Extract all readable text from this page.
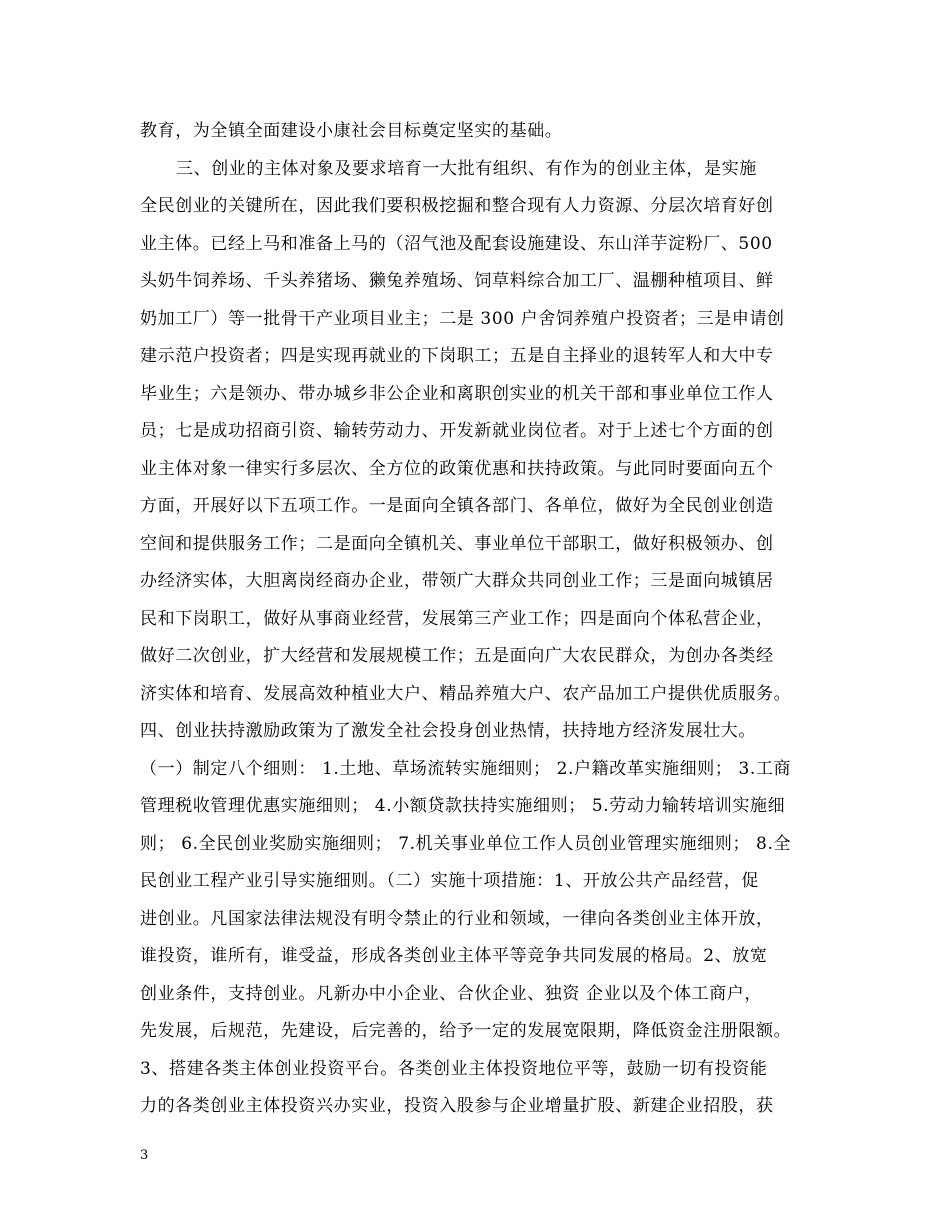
教育，为全镇全面建设小康社会目标奠定坚实的基础。
三、创业的主体对象及要求培育一大批有组织、有作为的创业主体，是实施
全民创业的关键所在，因此我们要积极挖掘和整合现有人力资源、分层次培育好创
业主体。已经上马和准备上马的（沼气池及配套设施建设、东山洋芋淀粉厂、500
头奶牛饲养场、千头养猪场、獭兔养殖场、饲草料综合加工厂、温棚种植项目、鲜
奶加工厂）等一批骨干产业项目业主；二是 300 户舍饲养殖户投资者；三是申请创
建示范户投资者；四是实现再就业的下岗职工；五是自主择业的退转军人和大中专
毕业生；六是领办、带办城乡非公企业和离职创实业的机关干部和事业单位工作人
员；七是成功招商引资、输转劳动力、开发新就业岗位者。对于上述七个方面的创
业主体对象一律实行多层次、全方位的政策优惠和扶持政策。与此同时要面向五个
方面，开展好以下五项工作。一是面向全镇各部门、各单位，做好为全民创业创造
空间和提供服务工作；二是面向全镇机关、事业单位干部职工，做好积极领办、创
办经济实体，大胆离岗经商办企业，带领广大群众共同创业工作；三是面向城镇居
民和下岗职工，做好从事商业经营，发展第三产业工作；四是面向个体私营企业，
做好二次创业，扩大经营和发展规模工作；五是面向广大农民群众，为创办各类经
济实体和培育、发展高效种植业大户、精品养殖大户、农产品加工户提供优质服务。
四、创业扶持激励政策为了激发全社会投身创业热情，扶持地方经济发展壮大。
（一）制定八个细则： 1.土地、草场流转实施细则； 2.户籍改革实施细则； 3.工商
管理税收管理优惠实施细则； 4.小额贷款扶持实施细则； 5.劳动力输转培训实施细
则； 6.全民创业奖励实施细则； 7.机关事业单位工作人员创业管理实施细则； 8.全
民创业工程产业引导实施细则。（二）实施十项措施：1、开放公共产品经营，促
进创业。凡国家法律法规没有明令禁止的行业和领域，一律向各类创业主体开放，
谁投资，谁所有，谁受益，形成各类创业主体平等竞争共同发展的格局。2、放宽
创业条件，支持创业。凡新办中小企业、合伙企业、独资 企业以及个体工商户，
先发展，后规范，先建设，后完善的，给予一定的发展宽限期，降低资金注册限额。
3、搭建各类主体创业投资平台。各类创业主体投资地位平等，鼓励一切有投资能
力的各类创业主体投资兴办实业，投资入股参与企业增量扩股、新建企业招股，获
3
